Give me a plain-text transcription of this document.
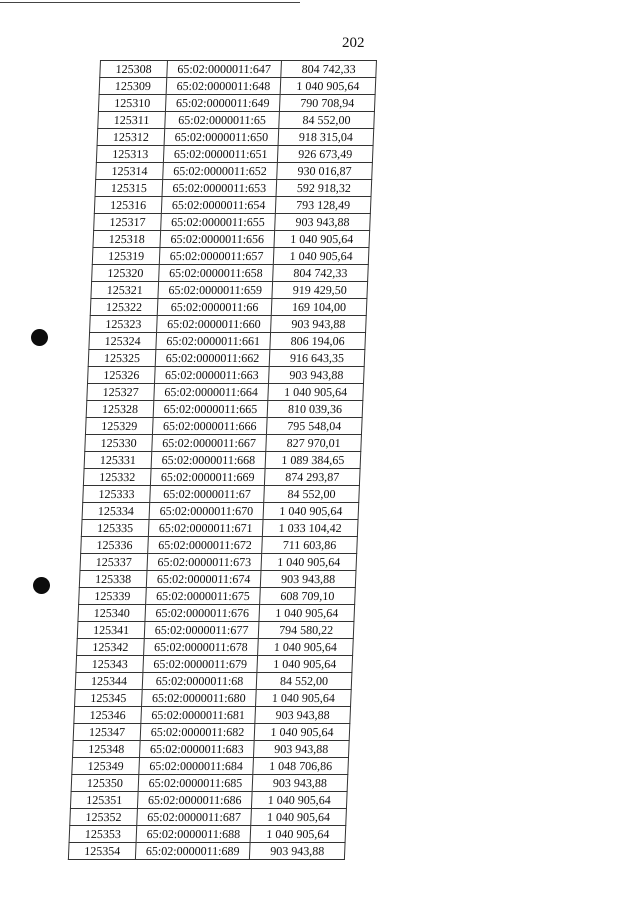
202
125308	65:02:0000011:647	804 742,33
125309	65:02:0000011:648	1 040 905,64
125310	65:02:0000011:649	790 708,94
125311	65:02:0000011:65	84 552,00
125312	65:02:0000011:650	918 315,04
125313	65:02:0000011:651	926 673,49
125314	65:02:0000011:652	930 016,87
125315	65:02:0000011:653	592 918,32
125316	65:02:0000011:654	793 128,49
125317	65:02:0000011:655	903 943,88
125318	65:02:0000011:656	1 040 905,64
125319	65:02:0000011:657	1 040 905,64
125320	65:02:0000011:658	804 742,33
125321	65:02:0000011:659	919 429,50
125322	65:02:0000011:66	169 104,00
125323	65:02:0000011:660	903 943,88
125324	65:02:0000011:661	806 194,06
125325	65:02:0000011:662	916 643,35
125326	65:02:0000011:663	903 943,88
125327	65:02:0000011:664	1 040 905,64
125328	65:02:0000011:665	810 039,36
125329	65:02:0000011:666	795 548,04
125330	65:02:0000011:667	827 970,01
125331	65:02:0000011:668	1 089 384,65
125332	65:02:0000011:669	874 293,87
125333	65:02:0000011:67	84 552,00
125334	65:02:0000011:670	1 040 905,64
125335	65:02:0000011:671	1 033 104,42
125336	65:02:0000011:672	711 603,86
125337	65:02:0000011:673	1 040 905,64
125338	65:02:0000011:674	903 943,88
125339	65:02:0000011:675	608 709,10
125340	65:02:0000011:676	1 040 905,64
125341	65:02:0000011:677	794 580,22
125342	65:02:0000011:678	1 040 905,64
125343	65:02:0000011:679	1 040 905,64
125344	65:02:0000011:68	84 552,00
125345	65:02:0000011:680	1 040 905,64
125346	65:02:0000011:681	903 943,88
125347	65:02:0000011:682	1 040 905,64
125348	65:02:0000011:683	903 943,88
125349	65:02:0000011:684	1 048 706,86
125350	65:02:0000011:685	903 943,88
125351	65:02:0000011:686	1 040 905,64
125352	65:02:0000011:687	1 040 905,64
125353	65:02:0000011:688	1 040 905,64
125354	65:02:0000011:689	903 943,88
